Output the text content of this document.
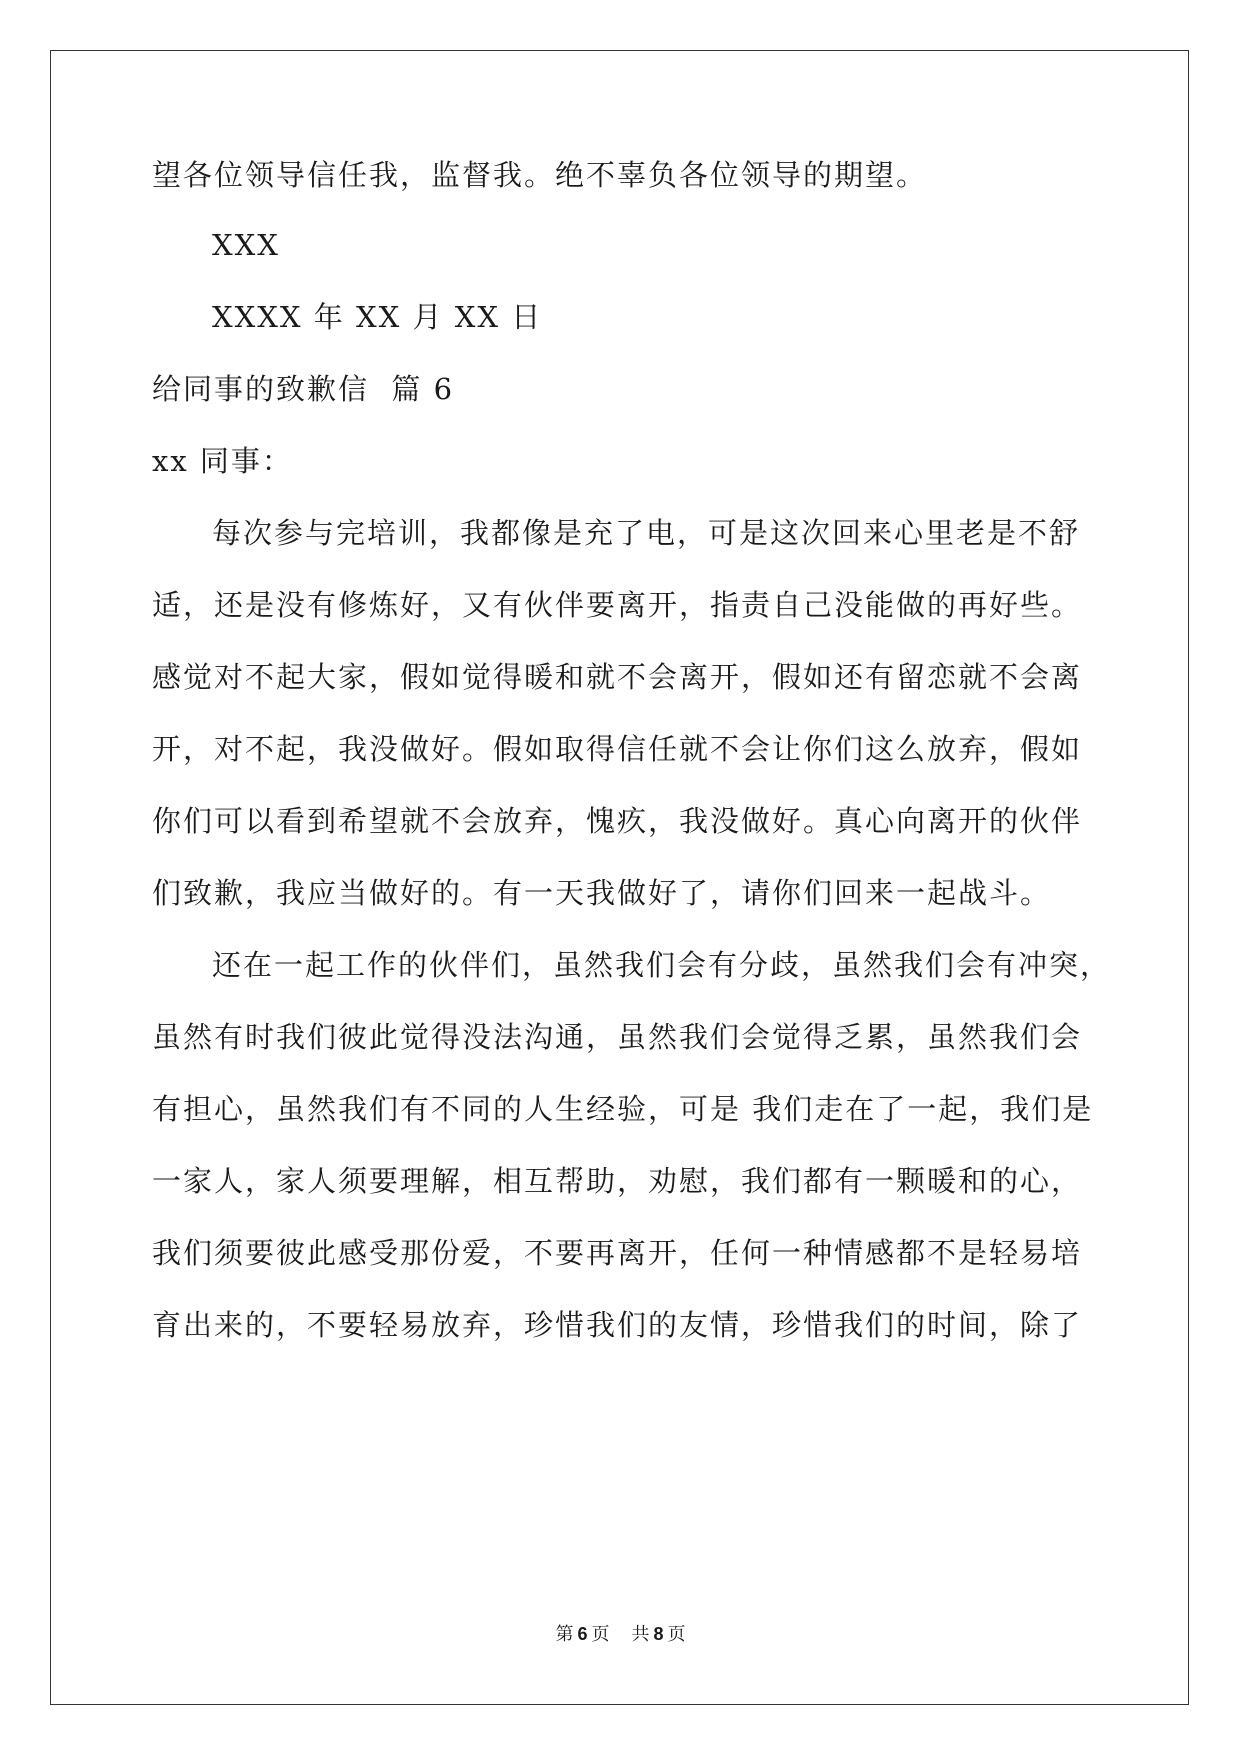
望各位领导信任我，监督我。绝不辜负各位领导的期望。
XXX
XXXX 年 XX 月 XX 日
给同事的致歉信  篇 6
xx 同事：
每次参与完培训，我都像是充了电，可是这次回来心里老是不舒
适，还是没有修炼好，又有伙伴要离开，指责自己没能做的再好些。
感觉对不起大家，假如觉得暖和就不会离开，假如还有留恋就不会离
开，对不起，我没做好。假如取得信任就不会让你们这么放弃，假如
你们可以看到希望就不会放弃，愧疚，我没做好。真心向离开的伙伴
们致歉，我应当做好的。有一天我做好了，请你们回来一起战斗。
还在一起工作的伙伴们，虽然我们会有分歧，虽然我们会有冲突，
虽然有时我们彼此觉得没法沟通，虽然我们会觉得乏累，虽然我们会
有担心，虽然我们有不同的人生经验，可是 我们走在了一起，我们是
一家人，家人须要理解，相互帮助，劝慰，我们都有一颗暖和的心，
我们须要彼此感受那份爱，不要再离开，任何一种情感都不是轻易培
育出来的，不要轻易放弃，珍惜我们的友情，珍惜我们的时间，除了
第 6 页 共 8 页
